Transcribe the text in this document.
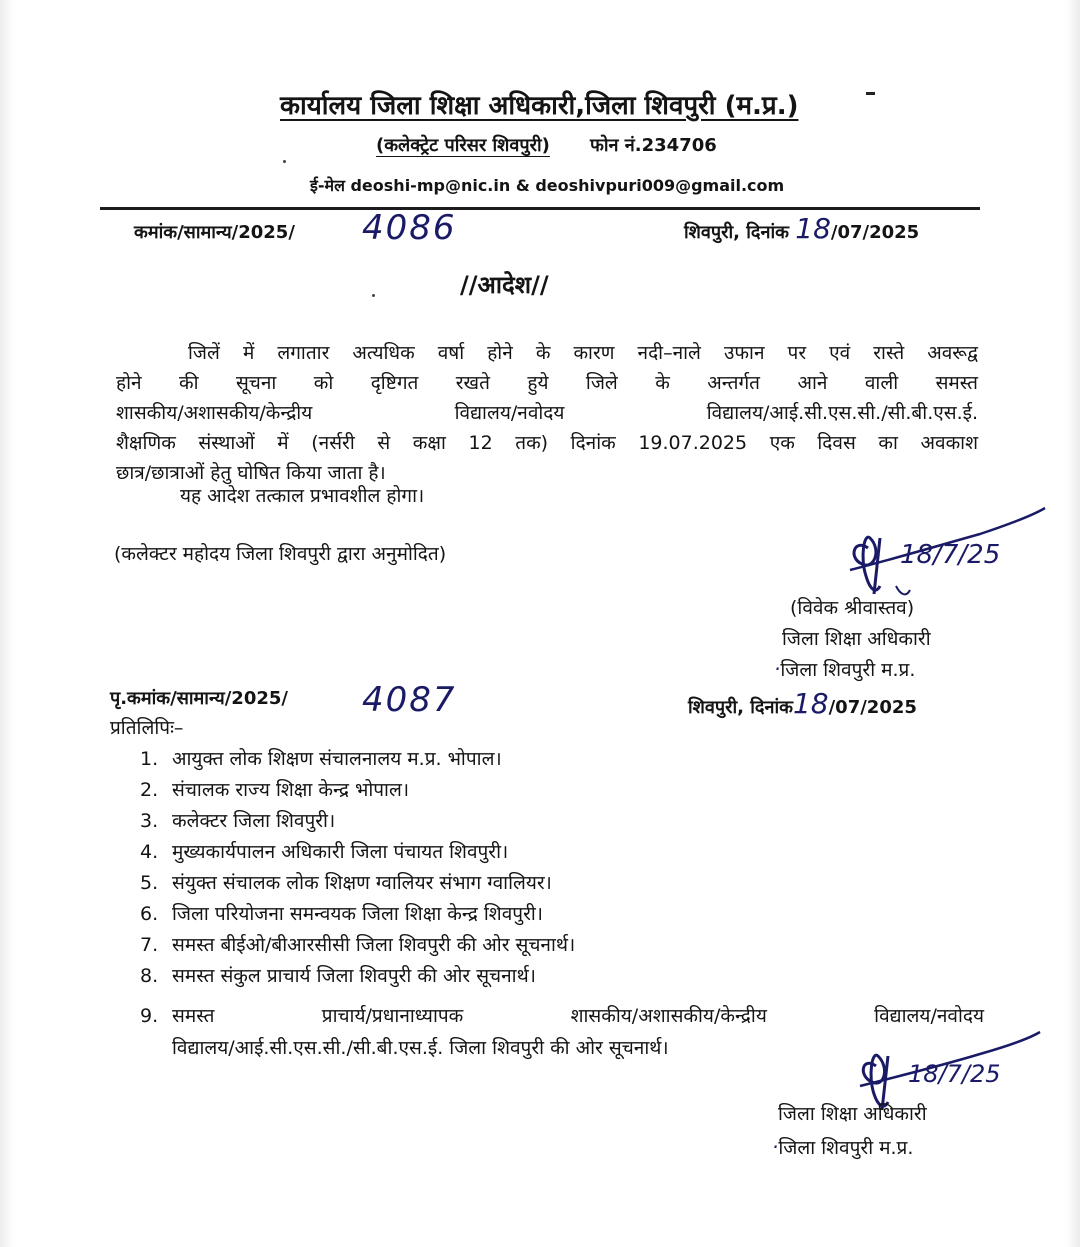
कार्यालय जिला शिक्षा अधिकारी,जिला शिवपुरी (म.प्र.)
(कलेक्ट्रेट परिसर शिवपुरी) फोन नं.234706
ई-मेल deoshi-mp@nic.in & deoshivpuri009@gmail.com
कमांक/सामान्य/2025/ 4086	शिवपुरी, दिनांक 18/07/2025
//आदेश//
जिलें में लगातार अत्यधिक वर्षा होने के कारण नदी–नाले उफान पर एवं रास्ते अवरूद्व
होने की सूचना को दृष्टिगत रखते हुये जिले के अन्तर्गत आने वाली समस्त
शासकीय/अशासकीय/केन्द्रीय विद्यालय/नवोदय विद्यालय/आई.सी.एस.सी./सी.बी.एस.ई.
शैक्षणिक संस्थाओं में (नर्सरी से कक्षा 12 तक) दिनांक 19.07.2025 एक दिवस का अवकाश
छात्र/छात्राओं हेतु घोषित किया जाता है।
यह आदेश तत्काल प्रभावशील होगा।
(कलेक्टर महोदय जिला शिवपुरी द्वारा अनुमोदित)	18/7/25
(विवेक श्रीवास्तव)
जिला शिक्षा अधिकारी
·जिला शिवपुरी म.प्र.
पृ.कमांक/सामान्य/2025/ 4087	शिवपुरी, दिनांक18/07/2025
प्रतिलिपिः–
1. आयुक्त लोक शिक्षण संचालनालय म.प्र. भोपाल।
2. संचालक राज्य शिक्षा केन्द्र भोपाल।
3. कलेक्टर जिला शिवपुरी।
4. मुख्यकार्यपालन अधिकारी जिला पंचायत शिवपुरी।
5. संयुक्त संचालक लोक शिक्षण ग्वालियर संभाग ग्वालियर।
6. जिला परियोजना समन्वयक जिला शिक्षा केन्द्र शिवपुरी।
7. समस्त बीईओ/बीआरसीसी जिला शिवपुरी की ओर सूचनार्थ।
8. समस्त संकुल प्राचार्य जिला शिवपुरी की ओर सूचनार्थ।
9. समस्त प्राचार्य/प्रधानाध्यापक शासकीय/अशासकीय/केन्द्रीय विद्यालय/नवोदय
विद्यालय/आई.सी.एस.सी./सी.बी.एस.ई. जिला शिवपुरी की ओर सूचनार्थ।
18/7/25
जिला शिक्षा अधिकारी
·जिला शिवपुरी म.प्र.
